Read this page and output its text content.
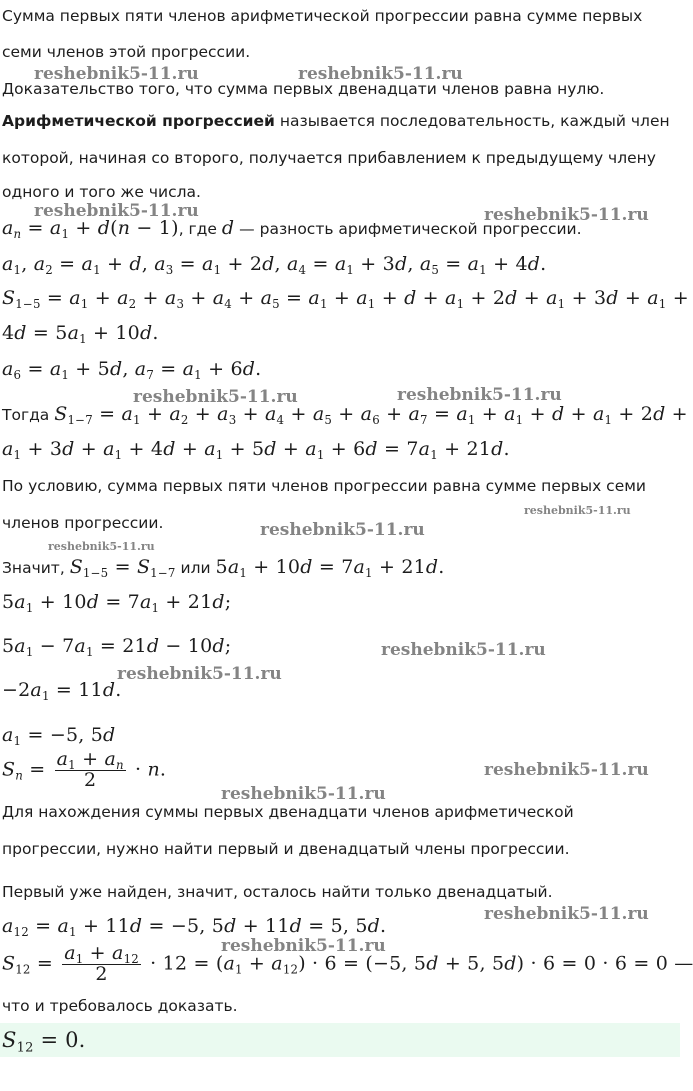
Сумма первых пяти членов арифметической прогрессии равна сумме первых
семи членов этой прогрессии.
Доказательство того, что сумма первых двенадцати членов равна нулю.
Арифметической прогрессией называется последовательность, каждый член
которой, начиная со второго, получается прибавлением к предыдущему члену
одного и того же числа.
$a_n = a_1 + d(n - 1)$, где d — разность арифметической прогрессии.
$a_1$, $a_2 = a_1 + d$, $a_3 = a_1 + 2d$, $a_4 = a_1 + 3d$, $a_5 = a_1 + 4d$.
$S_{1-5} = a_1 + a_2 + a_3 + a_4 + a_5 = a_1 + a_1 + d + a_1 + 2d + a_1 + 3d + a_1$ +
$4d = 5a_1 + 10d$.
$a_6 = a_1 + 5d$, $a_7 = a_1 + 6d$.
Тогда $S_{1-7} = a_1 + a_2 + a_3 + a_4 + a_5 + a_6 + a_7 = a_1 + a_1 + d + a_1 + 2d$ +
$a_1 + 3d + a_1 + 4d + a_1 + 5d + a_1 + 6d = 7a_1 + 21d$.
По условию, сумма первых пяти членов прогрессии равна сумме первых семи
членов прогрессии.
Значит, $S_{1-5} = S_{1-7}$ или $5a_1 + 10d = 7a_1 + 21d$.
$5a_1 + 10d = 7a_1 + 21d$;
$5a_1 - 7a_1 = 21d - 10d$;
$-2a_1 = 11d$.
$a_1 = -5$, 5d
$S_n = \frac{a_1 + a_n}{2} \cdot n$.
Для нахождения суммы первых двенадцати членов арифметической
прогрессии, нужно найти первый и двенадцатый члены прогрессии.
Первый уже найден, значит, осталось найти только двенадцатый.
$a_{12} = a_1 + 11d = -5$, 5d + 11d = 5, 5d.
$S_{12} = \frac{a_1 + a_{12}}{2} \cdot 12 = (a_1 + a_{12}) \cdot 6 = (-5$, 5d + 5, 5d) · 6 = 0 · 6 = 0 —
что и требовалось доказать.
$S_{12} = 0$.
reshebnik5-11.ru	reshebnik5-11.ru
reshebnik5-11.ru	reshebnik5-11.ru
reshebnik5-11.ru	reshebnik5-11.ru
reshebnik5-11.ru
reshebnik5-11.ru
reshebnik5-11.ru
reshebnik5-11.ru
reshebnik5-11.ru
reshebnik5-11.ru
reshebnik5-11.ru
reshebnik5-11.ru
reshebnik5-11.ru
